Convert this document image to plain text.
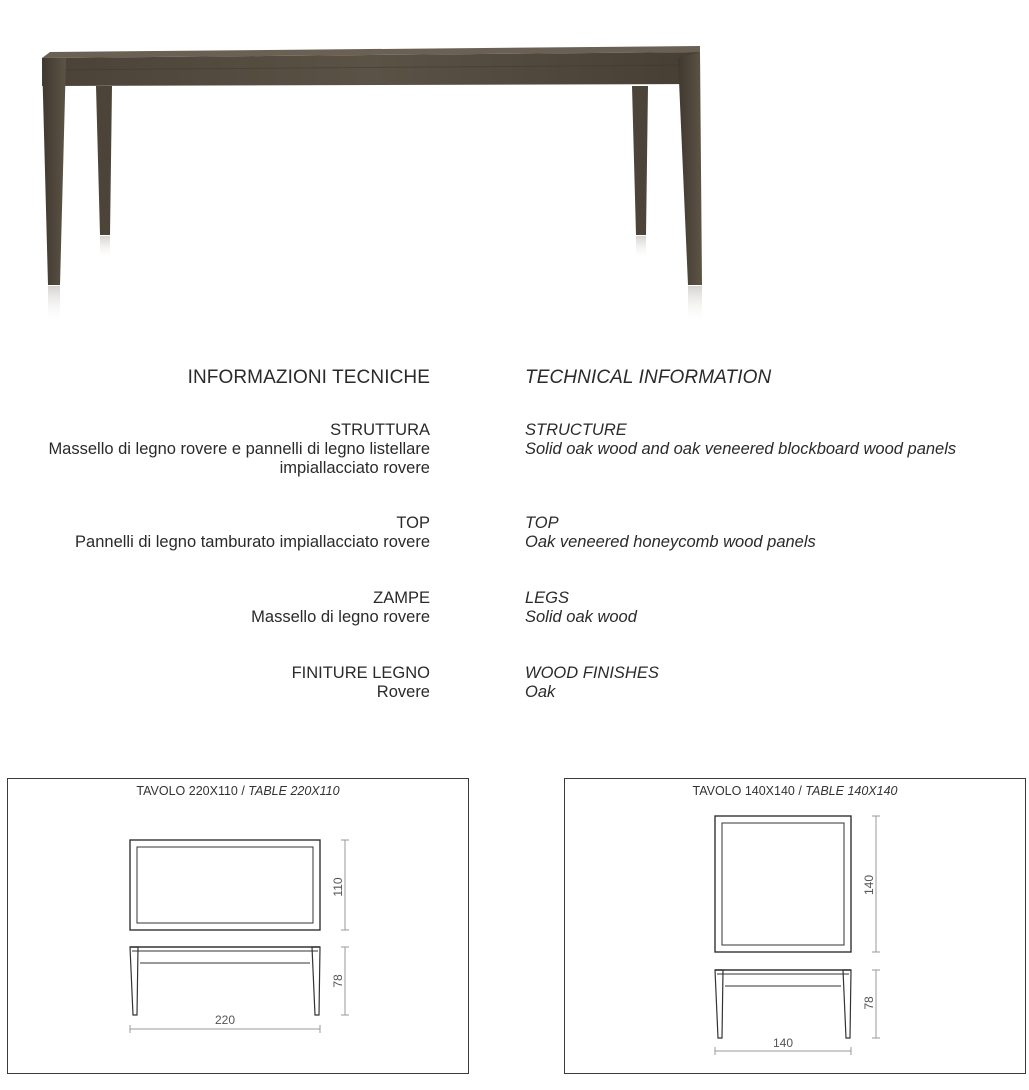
INFORMAZIONI TECNICHE	TECHNICAL INFORMATION
STRUTTURA
Massello di legno rovere e pannelli di legno listellare
impiallacciato rovere
TOP
Pannelli di legno tamburato impiallacciato rovere
ZAMPE
Massello di legno rovere
FINITURE LEGNO
Rovere
STRUCTURE
Solid oak wood and oak veneered blockboard wood panels
TOP
Oak veneered honeycomb wood panels
LEGS
Solid oak wood
WOOD FINISHES
Oak
TAVOLO 220X110 / TABLE 220X110
110
78
220
TAVOLO 140X140 / TABLE 140X140
140
78
140
